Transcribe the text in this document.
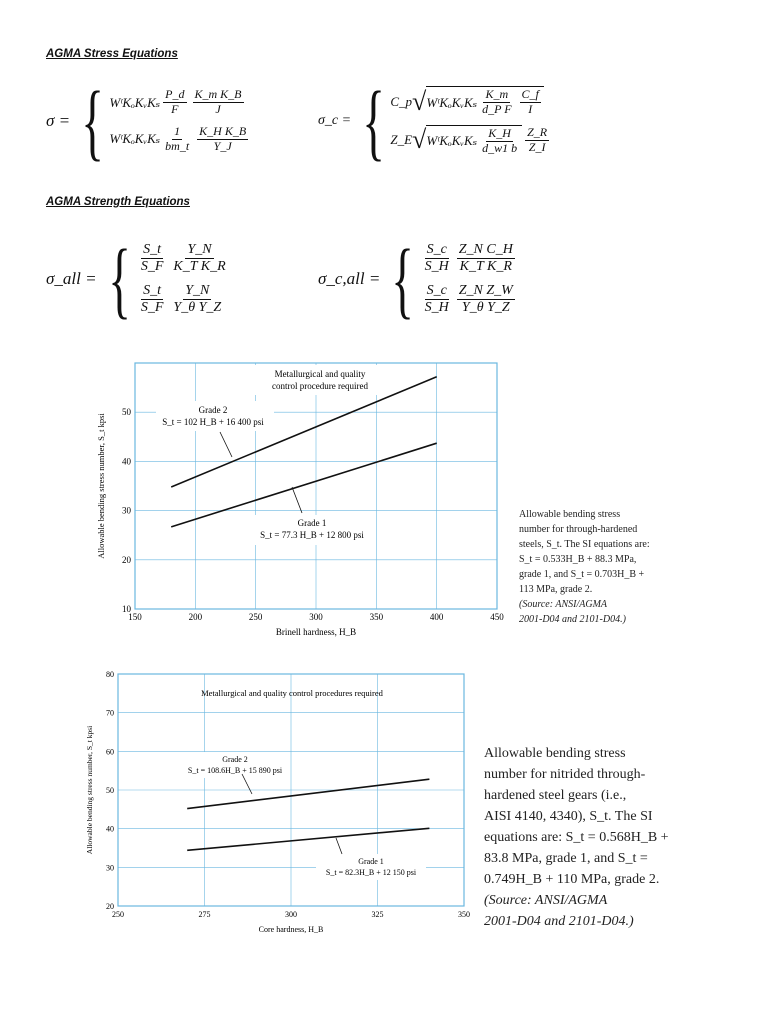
AGMA Stress Equations
AGMA Strength Equations
σ = { WᵗKₒKᵥKₛ $\frac{P\_d}{F} \frac{\text{K\_m K\_B}}{J}$
WᵗKₒKᵥKₛ $\frac{1}{bm\_t} \frac{\text{K\_H K\_B}}{Y\_J}$
σ_c = { C_p √ WᵗKₒKᵥKₛ $\frac{K\_m}{\text{d\_P F}} \frac{C\_f}{I}$
Z_E √ WᵗKₒKᵥKₛ $\frac{K\_H}{d\_w1 b} \frac{Z\_R}{Z\_I}$
σ_all = { $\frac{S\_t}{S\_F} \frac{Y\_N}{\text{K\_T K\_R}}$
$\frac{S\_t}{S\_F} \frac{Y\_N}{\text{Y\_θ Y\_Z}}$
σ_c,all = { $\frac{S\_c}{S\_H} \frac{\text{Z\_N C\_H}}{\text{K\_T K\_R}}$
$\frac{S\_c}{S\_H} \frac{\text{Z\_N Z\_W}}{\text{Y\_θ Y\_Z}}$
150	200	250	300	350	400	450
10
20
30
40
50
Brinell hardness, H_B
Allowable bending stress number, S_t kpsi
Metallurgical and quality
control procedure required
Grade 2
S_t = 102 H_B + 16 400 psi
Grade 1
S_t = 77.3 H_B + 12 800 psi
Allowable bending stress
number for through-hardened
steels, S_t. The SI equations are:
S_t = 0.533H_B + 88.3 MPa,
grade 1, and S_t = 0.703H_B +
113 MPa, grade 2.
(Source: ANSI/AGMA
2001-D04 and 2101-D04.)
250	275	300	325	350
20
30
40
50
60
70
80
Core hardness, H_B
Allowable bending stress number, S_t kpsi
Metallurgical and quality control procedures required
Grade 2
S_t = 108.6H_B + 15 890 psi
Grade 1
S_t = 82.3H_B + 12 150 psi
Allowable bending stress
number for nitrided through-
hardened steel gears (i.e.,
AISI 4140, 4340), S_t. The SI
equations are: S_t = 0.568H_B +
83.8 MPa, grade 1, and S_t =
0.749H_B + 110 MPa, grade 2.
(Source: ANSI/AGMA
2001-D04 and 2101-D04.)
